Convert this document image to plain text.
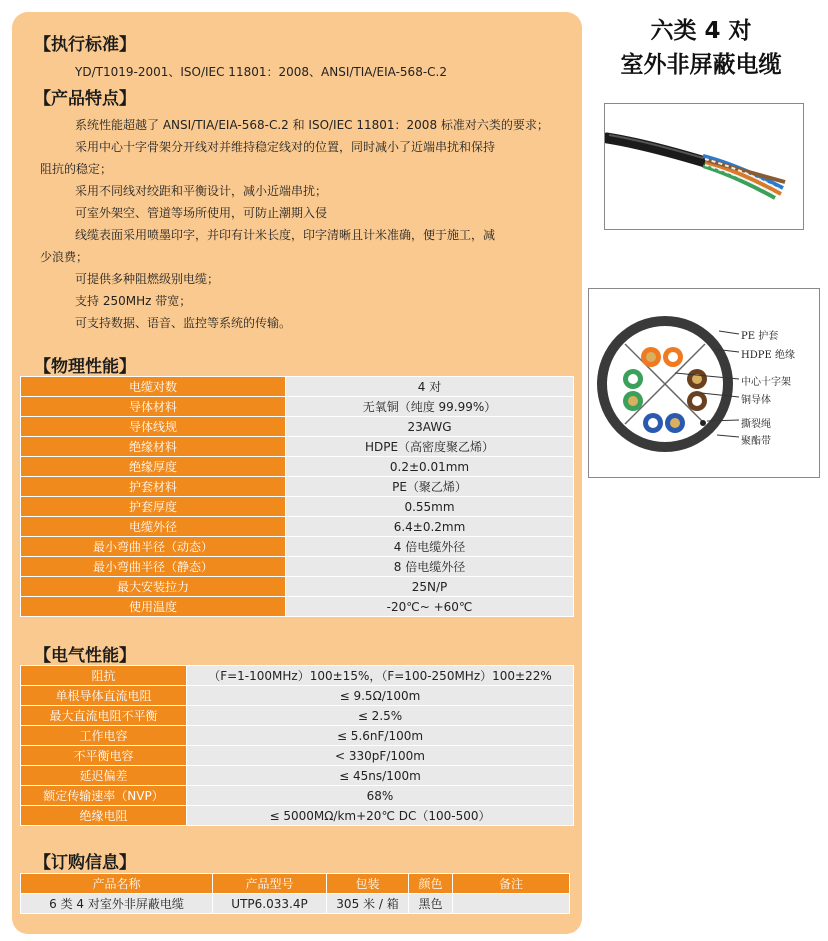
【执行标准】
YD/T1019-2001、ISO/IEC 11801：2008、ANSI/TIA/EIA-568-C.2
【产品特点】
系统性能超越了 ANSI/TIA/EIA-568-C.2 和 ISO/IEC 11801：2008 标准对六类的要求；
采用中心十字骨架分开线对并维持稳定线对的位置，同时减小了近端串扰和保持
阻抗的稳定；
采用不同线对绞距和平衡设计，减小近端串扰；
可室外架空、管道等场所使用，可防止潮期入侵
线缆表面采用喷墨印字，并印有计米长度，印字清晰且计米准确，便于施工，减
少浪费；
可提供多种阻燃级别电缆；
支持 250MHz 带宽；
可支持数据、语音、监控等系统的传输。
【物理性能】
电缆对数	4 对
导体材料	无氧铜（纯度 99.99%）
导体线规	23AWG
绝缘材料	HDPE（高密度聚乙烯）
绝缘厚度	0.2±0.01mm
护套材料	PE（聚乙烯）
护套厚度	0.55mm
电缆外径	6.4±0.2mm
最小弯曲半径（动态）	4 倍电缆外径
最小弯曲半径（静态）	8 倍电缆外径
最大安装拉力	25N/P
使用温度	-20℃~ +60℃
【电气性能】
阻抗	（F=1-100MHz）100±15%，（F=100-250MHz）100±22%
单根导体直流电阻	≤ 9.5Ω/100m
最大直流电阻不平衡	≤ 2.5%
工作电容	≤ 5.6nF/100m
不平衡电容	< 330pF/100m
延迟偏差	≤ 45ns/100m
额定传输速率（NVP）	68%
绝缘电阻	≤ 5000MΩ/km+20℃ DC（100-500）
【订购信息】
产品名称	产品型号	包装	颜色	备注
6 类 4 对室外非屏蔽电缆	UTP6.033.4P	305 米 / 箱	黑色	
六类 4 对
室外非屏蔽电缆
PE 护套
HDPE 绝缘
中心十字架
铜导体
撕裂绳
聚酯带
